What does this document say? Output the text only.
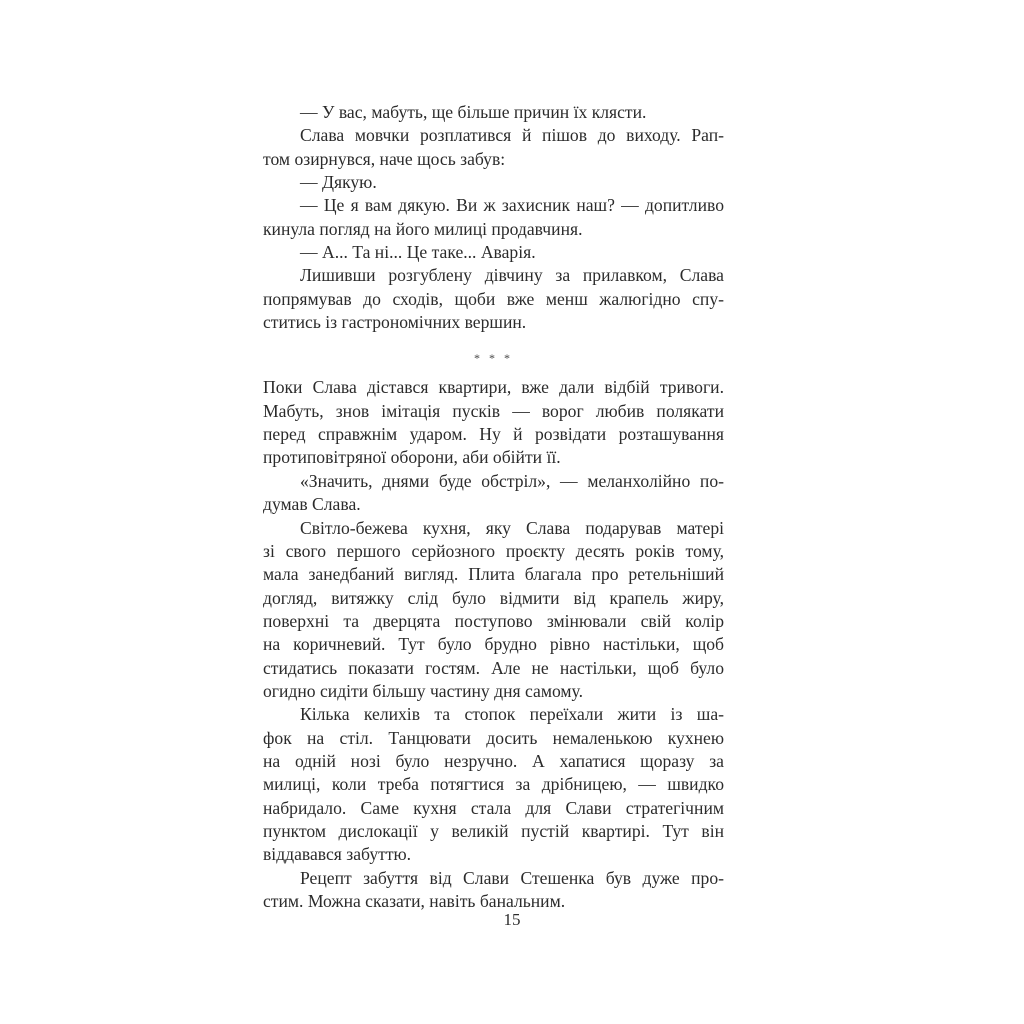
— У вас, мабуть, ще більше причин їх клясти.
Слава мовчки розплатився й пішов до виходу. Рап-
том озирнувся, наче щось забув:
— Дякую.
— Це я вам дякую. Ви ж захисник наш? — допитливо
кинула погляд на його милиці продавчиня.
— А... Та ні... Це таке... Аварія.
Лишивши розгублену дівчину за прилавком, Слава
попрямував до сходів, щоби вже менш жалюгідно спу-
ститись із гастрономічних вершин.
* * *
Поки Слава дістався квартири, вже дали відбій тривоги.
Мабуть, знов імітація пусків — ворог любив полякати
перед справжнім ударом. Ну й розвідати розташування
протиповітряної оборони, аби обійти її.
«Значить, днями буде обстріл», — меланхолійно по-
думав Слава.
Світло-бежева кухня, яку Слава подарував матері
зі свого першого серйозного проєкту десять років тому,
мала занедбаний вигляд. Плита благала про ретельніший
догляд, витяжку слід було відмити від крапель жиру,
поверхні та дверцята поступово змінювали свій колір
на коричневий. Тут було брудно рівно настільки, щоб
стидатись показати гостям. Але не настільки, щоб було
огидно сидіти більшу частину дня самому.
Кілька келихів та стопок переїхали жити із ша-
фок на стіл. Танцювати досить немаленькою кухнею
на одній нозі було незручно. А хапатися щоразу за
милиці, коли треба потягтися за дрібницею, — швидко
набридало. Саме кухня стала для Слави стратегічним
пунктом дислокації у великій пустій квартирі. Тут він
віддавався забуттю.
Рецепт забуття від Слави Стешенка був дуже про-
стим. Можна сказати, навіть банальним.
15
